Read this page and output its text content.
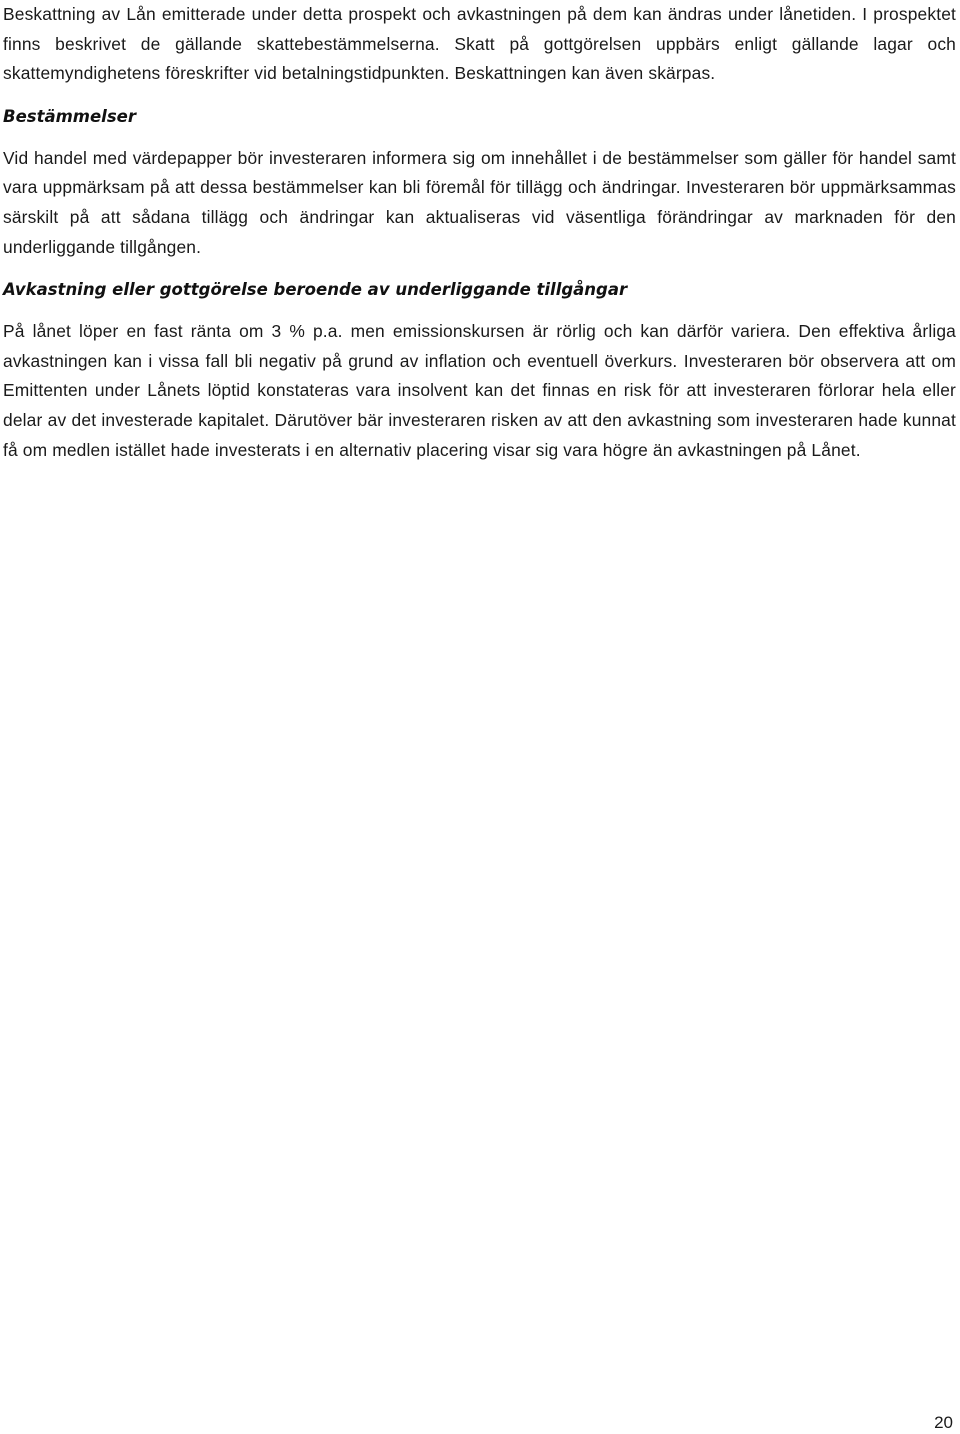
Beskattning av Lån emitterade under detta prospekt och avkastningen på dem kan ändras under lånetiden. I prospektet finns beskrivet de gällande skattebestämmelserna. Skatt på gottgörelsen uppbärs enligt gällande lagar och skattemyndighetens föreskrifter vid betalningstidpunkten. Beskattningen kan även skärpas.

Bestämmelser

Vid handel med värdepapper bör investeraren informera sig om innehållet i de bestämmelser som gäller för handel samt vara uppmärksam på att dessa bestämmelser kan bli föremål för tillägg och ändringar. Investeraren bör uppmärksammas särskilt på att sådana tillägg och ändringar kan aktualiseras vid väsentliga förändringar av marknaden för den underliggande tillgången.

Avkastning eller gottgörelse beroende av underliggande tillgångar

På lånet löper en fast ränta om 3 % p.a. men emissionskursen är rörlig och kan därför variera. Den effektiva årliga avkastningen kan i vissa fall bli negativ på grund av inflation och eventuell överkurs. Investeraren bör observera att om Emittenten under Lånets löptid konstateras vara insolvent kan det finnas en risk för att investeraren förlorar hela eller delar av det investerade kapitalet. Därutöver bär investeraren risken av att den avkastning som investeraren hade kunnat få om medlen istället hade investerats i en alternativ placering visar sig vara högre än avkastningen på Lånet.

20
